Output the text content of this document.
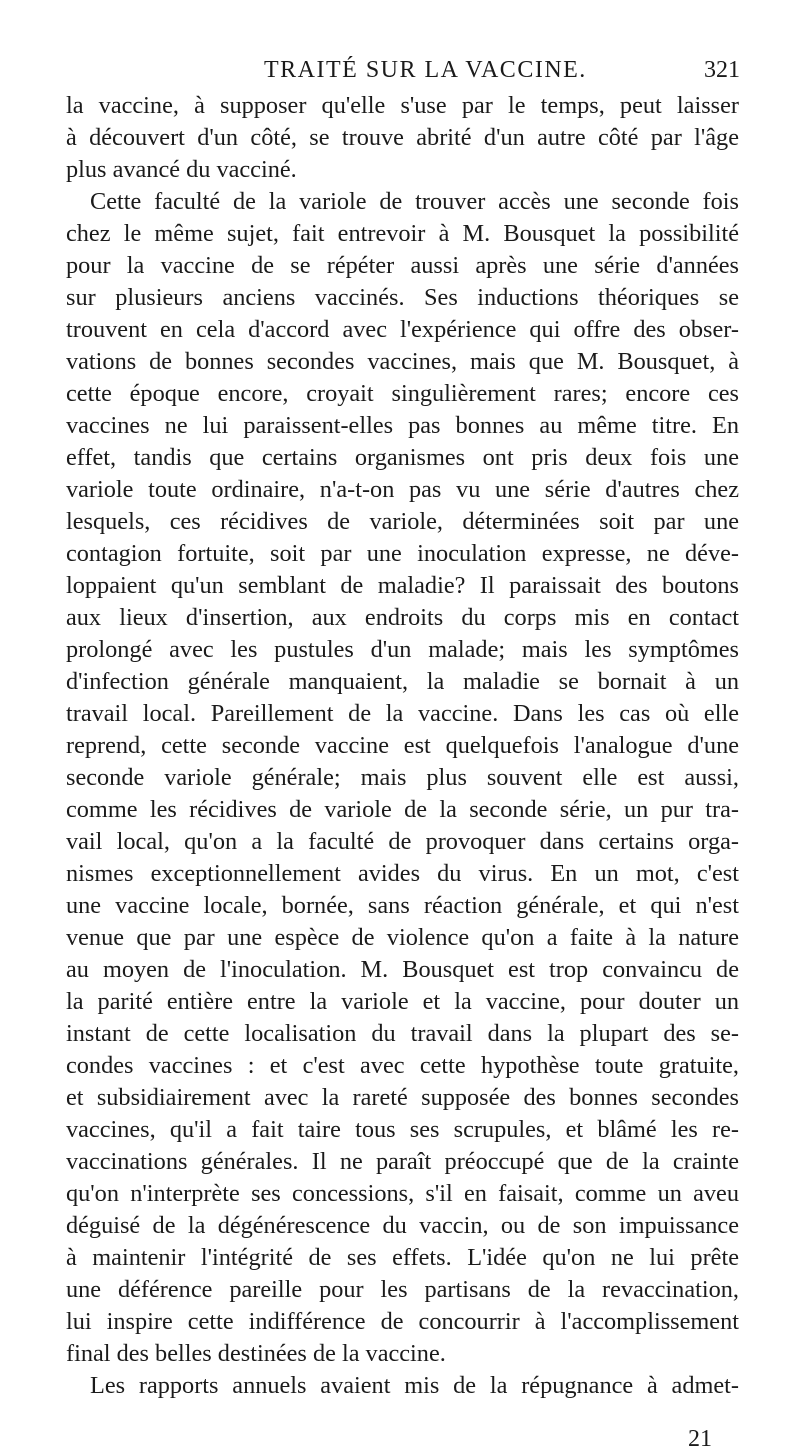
TRAITÉ SUR LA VACCINE.	321
la vaccine, à supposer qu'elle s'use par le temps, peut laisser
à découvert d'un côté, se trouve abrité d'un autre côté par l'âge
plus avancé du vacciné.
Cette faculté de la variole de trouver accès une seconde fois
chez le même sujet, fait entrevoir à M. Bousquet la possibilité
pour la vaccine de se répéter aussi après une série d'années
sur plusieurs anciens vaccinés. Ses inductions théoriques se
trouvent en cela d'accord avec l'expérience qui offre des obser-
vations de bonnes secondes vaccines, mais que M. Bousquet, à
cette époque encore, croyait singulièrement rares; encore ces
vaccines ne lui paraissent-elles pas bonnes au même titre. En
effet, tandis que certains organismes ont pris deux fois une
variole toute ordinaire, n'a-t-on pas vu une série d'autres chez
lesquels, ces récidives de variole, déterminées soit par une
contagion fortuite, soit par une inoculation expresse, ne déve-
loppaient qu'un semblant de maladie? Il paraissait des boutons
aux lieux d'insertion, aux endroits du corps mis en contact
prolongé avec les pustules d'un malade; mais les symptômes
d'infection générale manquaient, la maladie se bornait à un
travail local. Pareillement de la vaccine. Dans les cas où elle
reprend, cette seconde vaccine est quelquefois l'analogue d'une
seconde variole générale; mais plus souvent elle est aussi,
comme les récidives de variole de la seconde série, un pur tra-
vail local, qu'on a la faculté de provoquer dans certains orga-
nismes exceptionnellement avides du virus. En un mot, c'est
une vaccine locale, bornée, sans réaction générale, et qui n'est
venue que par une espèce de violence qu'on a faite à la nature
au moyen de l'inoculation. M. Bousquet est trop convaincu de
la parité entière entre la variole et la vaccine, pour douter un
instant de cette localisation du travail dans la plupart des se-
condes vaccines : et c'est avec cette hypothèse toute gratuite,
et subsidiairement avec la rareté supposée des bonnes secondes
vaccines, qu'il a fait taire tous ses scrupules, et blâmé les re-
vaccinations générales. Il ne paraît préoccupé que de la crainte
qu'on n'interprète ses concessions, s'il en faisait, comme un aveu
déguisé de la dégénérescence du vaccin, ou de son impuissance
à maintenir l'intégrité de ses effets. L'idée qu'on ne lui prête
une déférence pareille pour les partisans de la revaccination,
lui inspire cette indifférence de concourrir à l'accomplissement
final des belles destinées de la vaccine.
Les rapports annuels avaient mis de la répugnance à admet-
21
